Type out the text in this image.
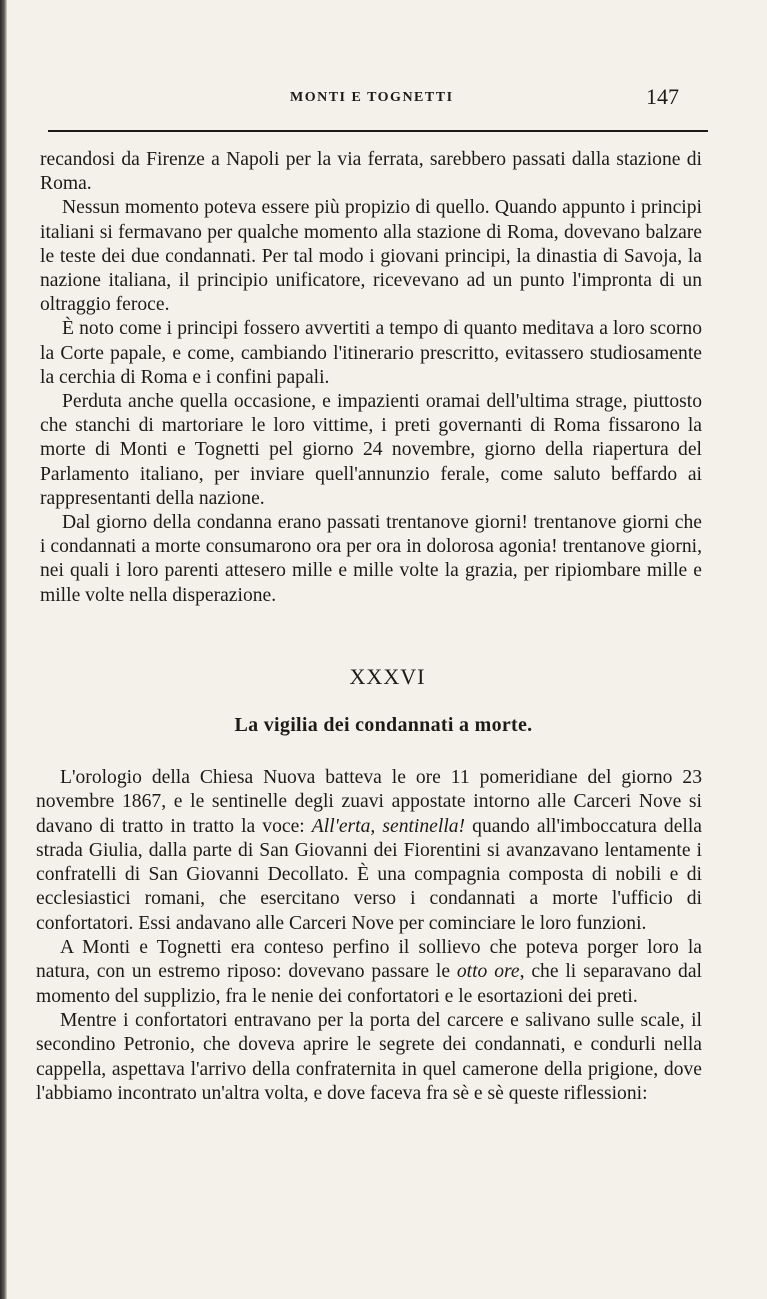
MONTI E TOGNETTI	147

recandosi da Firenze a Napoli per la via ferrata, sarebbero passati dalla stazione di Roma.

Nessun momento poteva essere più propizio di quello. Quando appunto i principi italiani si fermavano per qualche momento alla stazione di Roma, dovevano balzare le teste dei due condannati. Per tal modo i giovani principi, la dinastia di Savoja, la nazione italiana, il principio unificatore, ricevevano ad un punto l'impronta di un oltraggio feroce.

È noto come i principi fossero avvertiti a tempo di quanto meditava a loro scorno la Corte papale, e come, cambiando l'itinerario prescritto, evitassero studiosamente la cerchia di Roma e i confini papali.

Perduta anche quella occasione, e impazienti oramai dell'ultima strage, piuttosto che stanchi di martoriare le loro vittime, i preti governanti di Roma fissarono la morte di Monti e Tognetti pel giorno 24 novembre, giorno della riapertura del Parlamento italiano, per inviare quell'annunzio ferale, come saluto beffardo ai rappresentanti della nazione.

Dal giorno della condanna erano passati trentanove giorni! trentanove giorni che i condannati a morte consumarono ora per ora in dolorosa agonia! trentanove giorni, nei quali i loro parenti attesero mille e mille volte la grazia, per ripiombare mille e mille volte nella disperazione.

XXXVI
La vigilia dei condannati a morte.

L'orologio della Chiesa Nuova batteva le ore 11 pomeridiane del giorno 23 novembre 1867, e le sentinelle degli zuavi appostate intorno alle Carceri Nove si davano di tratto in tratto la voce: All'erta, sentinella! quando all'imboccatura della strada Giulia, dalla parte di San Giovanni dei Fiorentini si avanzavano lentamente i confratelli di San Giovanni Decollato. È una compagnia composta di nobili e di ecclesiastici romani, che esercitano verso i condannati a morte l'ufficio di confortatori. Essi andavano alle Carceri Nove per cominciare le loro funzioni.

A Monti e Tognetti era conteso perfino il sollievo che poteva porger loro la natura, con un estremo riposo: dovevano passare le otto ore, che li separavano dal momento del supplizio, fra le nenie dei confortatori e le esortazioni dei preti.

Mentre i confortatori entravano per la porta del carcere e salivano sulle scale, il secondino Petronio, che doveva aprire le segrete dei condannati, e condurli nella cappella, aspettava l'arrivo della confraternita in quel camerone della prigione, dove l'abbiamo incontrato un'altra volta, e dove faceva fra sè e sè queste riflessioni:
